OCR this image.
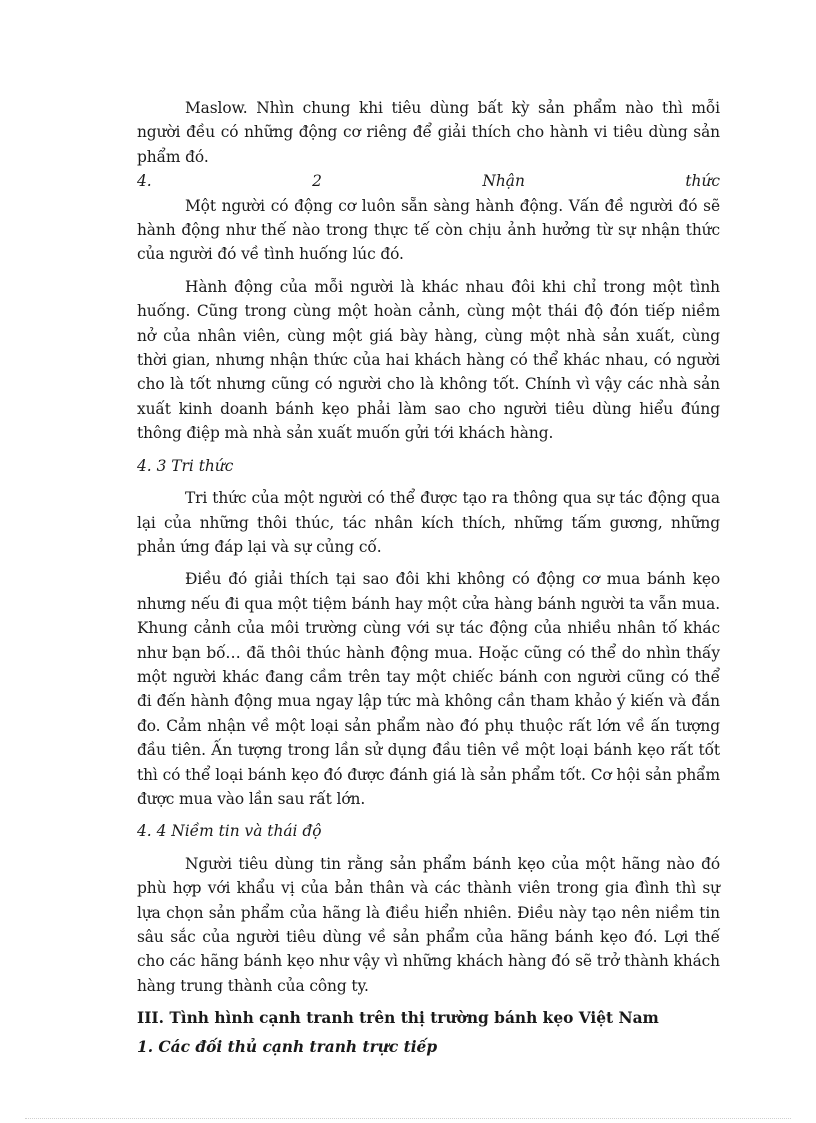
Maslow. Nhìn chung khi tiêu dùng bất kỳ sản phẩm nào thì mỗi người đều có những động cơ riêng để giải thích cho hành vi tiêu dùng sản phẩm đó.

4.	2	Nhận	thức

Một người có động cơ luôn sẵn sàng hành động. Vấn đề người đó sẽ hành động như thế nào trong thực tế còn chịu ảnh hưởng từ sự nhận thức của người đó về tình huống lúc đó.

Hành động của mỗi người là khác nhau đôi khi chỉ trong một tình huống. Cũng trong cùng một hoàn cảnh, cùng một thái độ đón tiếp niềm nở của nhân viên, cùng một giá bày hàng, cùng một nhà sản xuất, cùng thời gian, nhưng nhận thức của hai khách hàng có thể khác nhau, có người cho là tốt nhưng cũng có người cho là không tốt. Chính vì vậy các nhà sản xuất kinh doanh bánh kẹo phải làm sao cho người tiêu dùng hiểu đúng thông điệp mà nhà sản xuất muốn gửi tới khách hàng.

4. 3 Tri thức

Tri thức của một người có thể được tạo ra thông qua sự tác động qua lại của những thôi thúc, tác nhân kích thích, những tấm gương, những phản ứng đáp lại và sự củng cố.

Điều đó giải thích tại sao đôi khi không có động cơ mua bánh kẹo nhưng nếu đi qua một tiệm bánh hay một cửa hàng bánh người ta vẫn mua. Khung cảnh của môi trường cùng với sự tác động của nhiều nhân tố khác như bạn bố… đã thôi thúc hành động mua. Hoặc cũng có thể do nhìn thấy một người khác đang cầm trên tay một chiếc bánh con người cũng có thể đi đến hành động mua ngay lập tức mà không cần tham khảo ý kiến và đắn đo. Cảm nhận về một loại sản phẩm nào đó phụ thuộc rất lớn về ấn tượng đầu tiên. Ấn tượng trong lần sử dụng đầu tiên về một loại bánh kẹo rất tốt thì có thể loại bánh kẹo đó được đánh giá là sản phẩm tốt. Cơ hội sản phẩm được mua vào lần sau rất lớn.

4. 4 Niềm tin và thái độ

Người tiêu dùng tin rằng sản phẩm bánh kẹo của một hãng nào đó phù hợp với khẩu vị của bản thân và các thành viên trong gia đình thì sự lựa chọn sản phẩm của hãng là điều hiển nhiên. Điều này tạo nên niềm tin sâu sắc của người tiêu dùng về sản phẩm của hãng bánh kẹo đó. Lợi thế cho các hãng bánh kẹo như vậy vì những khách hàng đó sẽ trở thành khách hàng trung thành của công ty.

III. Tình hình cạnh tranh trên thị trường bánh kẹo Việt Nam

1. Các đối thủ cạnh tranh trực tiếp
